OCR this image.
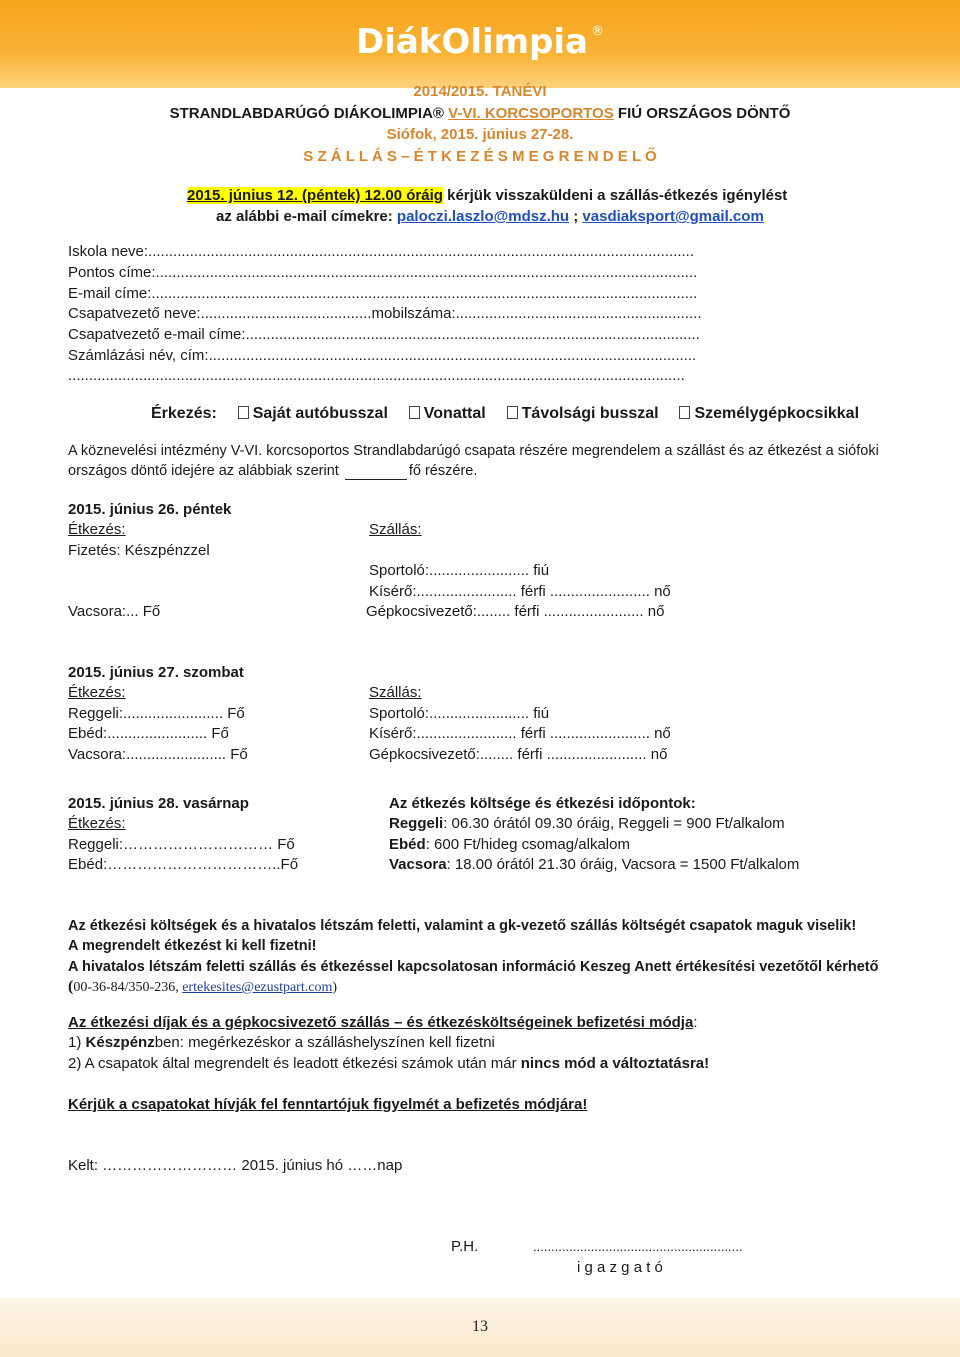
DiákOlimpia ®
2014/2015. TANÉVI
STRANDLABDARÚGÓ DIÁKOLIMPIA® V-VI. KORCSOPORTOS FIÚ ORSZÁGOS DÖNTŐ
Siófok, 2015. június 27-28.
S Z Á L L Á S – É T K E Z É S M E G R E N D E L Ő
2015. június 12. (péntek) 12.00 óráig kérjük visszaküldeni a szállás-étkezés igénylést
az alábbi e-mail címekre: paloczi.laszlo@mdsz.hu ; vasdiaksport@gmail.com
Iskola neve:...................................................................................................................................
Pontos címe:..................................................................................................................................
E-mail címe:...................................................................................................................................
Csapatvezető neve:.........................................mobilszáma:...........................................................
Csapatvezető e-mail címe:.............................................................................................................
Számlázási név, cím:.....................................................................................................................
....................................................................................................................................................
Érkezés: Saját autóbusszal Vonattal Távolsági busszal Személygépkocsikkal
A köznevelési intézmény V-VI. korcsoportos Strandlabdarúgó csapata részére megrendelem a szállást és az étkezést a siófoki
országos döntő idejére az alábbiak szerint	fő részére.
2015. június 26. péntek
Étkezés:
Fizetés: Készpénzzel
Vacsora:... Fő
Szállás:
Sportoló:........................ fiú
Kísérő:........................ férfi ........................ nő
Gépkocsivezető:........ férfi ........................ nő
2015. június 27. szombat
Étkezés:
Reggeli:........................ Fő
Ebéd:........................ Fő
Vacsora:........................ Fő
Szállás:
Sportoló:........................ fiú
Kísérő:........................ férfi ........................ nő
Gépkocsivezető:........ férfi ........................ nő
2015. június 28. vasárnap
Étkezés:
Reggeli:………………………… Fő
Ebéd:……………………………..Fő
Az étkezés költsége és étkezési időpontok:
Reggeli: 06.30 órától 09.30 óráig, Reggeli = 900 Ft/alkalom
Ebéd: 600 Ft/hideg csomag/alkalom
Vacsora: 18.00 órától 21.30 óráig, Vacsora = 1500 Ft/alkalom
Az étkezési költségek és a hivatalos létszám feletti, valamint a gk-vezető szállás költségét csapatok maguk viselik!
A megrendelt étkezést ki kell fizetni!
A hivatalos létszám feletti szállás és étkezéssel kapcsolatosan információ Keszeg Anett értékesítési vezetőtől kérhető
(00-36-84/350-236, ertekesites@ezustpart.com)
Az étkezési díjak és a gépkocsivezető szállás – és étkezésköltségeinek befizetési módja:
1) Készpénzben: megérkezéskor a szálláshelyszínen kell fizetni
2) A csapatok által megrendelt és leadott étkezési számok után már nincs mód a változtatásra!
Kérjük a csapatokat hívják fel fenntartójuk figyelmét a befizetés módjára!
Kelt: ……………………… 2015. június hó ……nap
P.H.	..........................................................
i g a z g a t ó
13
